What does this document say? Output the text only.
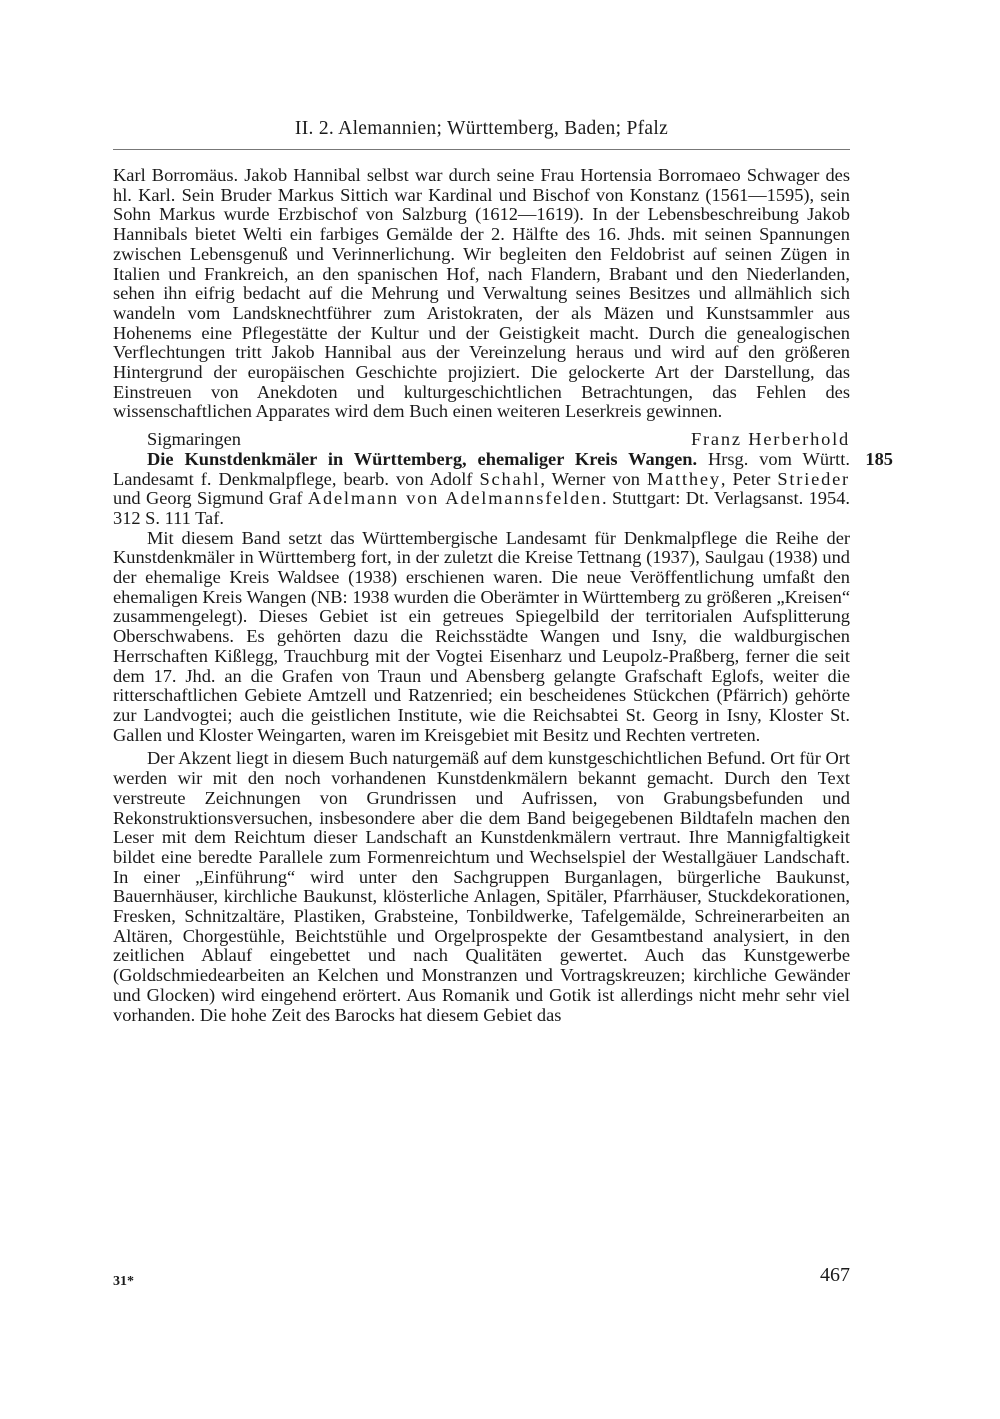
II. 2. Alemannien; Württemberg, Baden; Pfalz

Karl Borromäus. Jakob Hannibal selbst war durch seine Frau Hortensia Borromaeo Schwager des hl. Karl. Sein Bruder Markus Sittich war Kardinal und Bischof von Konstanz (1561—1595), sein Sohn Markus wurde Erzbischof von Salzburg (1612—1619). In der Lebensbeschreibung Jakob Hannibals bietet Welti ein farbiges Gemälde der 2. Hälfte des 16. Jhds. mit seinen Spannungen zwischen Lebensgenuß und Verinnerlichung. Wir begleiten den Feldobrist auf seinen Zügen in Italien und Frankreich, an den spanischen Hof, nach Flandern, Brabant und den Niederlanden, sehen ihn eifrig bedacht auf die Mehrung und Verwaltung seines Besitzes und allmählich sich wandeln vom Landsknechtführer zum Aristokraten, der als Mäzen und Kunstsammler aus Hohenems eine Pflegestätte der Kultur und der Geistigkeit macht. Durch die genealogischen Verflechtungen tritt Jakob Hannibal aus der Vereinzelung heraus und wird auf den größeren Hintergrund der europäischen Geschichte projiziert. Die gelockerte Art der Darstellung, das Einstreuen von Anekdoten und kulturgeschichtlichen Betrachtungen, das Fehlen des wissenschaftlichen Apparates wird dem Buch einen weiteren Leserkreis gewinnen.

Sigmaringen	Franz Herberhold

Die Kunstdenkmäler in Württemberg, ehemaliger Kreis Wangen. Hrsg. vom Württ. Landesamt f. Denkmalpflege, bearb. von Adolf Schahl, Werner von Matthey, Peter Strieder und Georg Sigmund Graf Adelmann von Adelmannsfelden. Stuttgart: Dt. Verlagsanst. 1954. 312 S. 111 Taf.
185

Mit diesem Band setzt das Württembergische Landesamt für Denkmalpflege die Reihe der Kunstdenkmäler in Württemberg fort, in der zuletzt die Kreise Tettnang (1937), Saulgau (1938) und der ehemalige Kreis Waldsee (1938) erschienen waren. Die neue Veröffentlichung umfaßt den ehemaligen Kreis Wangen (NB: 1938 wurden die Oberämter in Württemberg zu größeren „Kreisen“ zusammengelegt). Dieses Gebiet ist ein getreues Spiegelbild der territorialen Aufsplitterung Oberschwabens. Es gehörten dazu die Reichsstädte Wangen und Isny, die waldburgischen Herrschaften Kißlegg, Trauchburg mit der Vogtei Eisenharz und Leupolz-Praßberg, ferner die seit dem 17. Jhd. an die Grafen von Traun und Abensberg gelangte Grafschaft Eglofs, weiter die ritterschaftlichen Gebiete Amtzell und Ratzenried; ein bescheidenes Stückchen (Pfärrich) gehörte zur Landvogtei; auch die geistlichen Institute, wie die Reichsabtei St. Georg in Isny, Kloster St. Gallen und Kloster Weingarten, waren im Kreisgebiet mit Besitz und Rechten vertreten.

Der Akzent liegt in diesem Buch naturgemäß auf dem kunstgeschichtlichen Befund. Ort für Ort werden wir mit den noch vorhandenen Kunstdenkmälern bekannt gemacht. Durch den Text verstreute Zeichnungen von Grundrissen und Aufrissen, von Grabungsbefunden und Rekonstruktionsversuchen, insbesondere aber die dem Band beigegebenen Bildtafeln machen den Leser mit dem Reichtum dieser Landschaft an Kunstdenkmälern vertraut. Ihre Mannigfaltigkeit bildet eine beredte Parallele zum Formenreichtum und Wechselspiel der Westallgäuer Landschaft. In einer „Einführung“ wird unter den Sachgruppen Burganlagen, bürgerliche Baukunst, Bauernhäuser, kirchliche Baukunst, klösterliche Anlagen, Spitäler, Pfarrhäuser, Stuckdekorationen, Fresken, Schnitzaltäre, Plastiken, Grabsteine, Tonbildwerke, Tafelgemälde, Schreinerarbeiten an Altären, Chorgestühle, Beichtstühle und Orgelprospekte der Gesamtbestand analysiert, in den zeitlichen Ablauf eingebettet und nach Qualitäten gewertet. Auch das Kunstgewerbe (Goldschmiedearbeiten an Kelchen und Monstranzen und Vortragskreuzen; kirchliche Gewänder und Glocken) wird eingehend erörtert. Aus Romanik und Gotik ist allerdings nicht mehr sehr viel vorhanden. Die hohe Zeit des Barocks hat diesem Gebiet das

31*	467
